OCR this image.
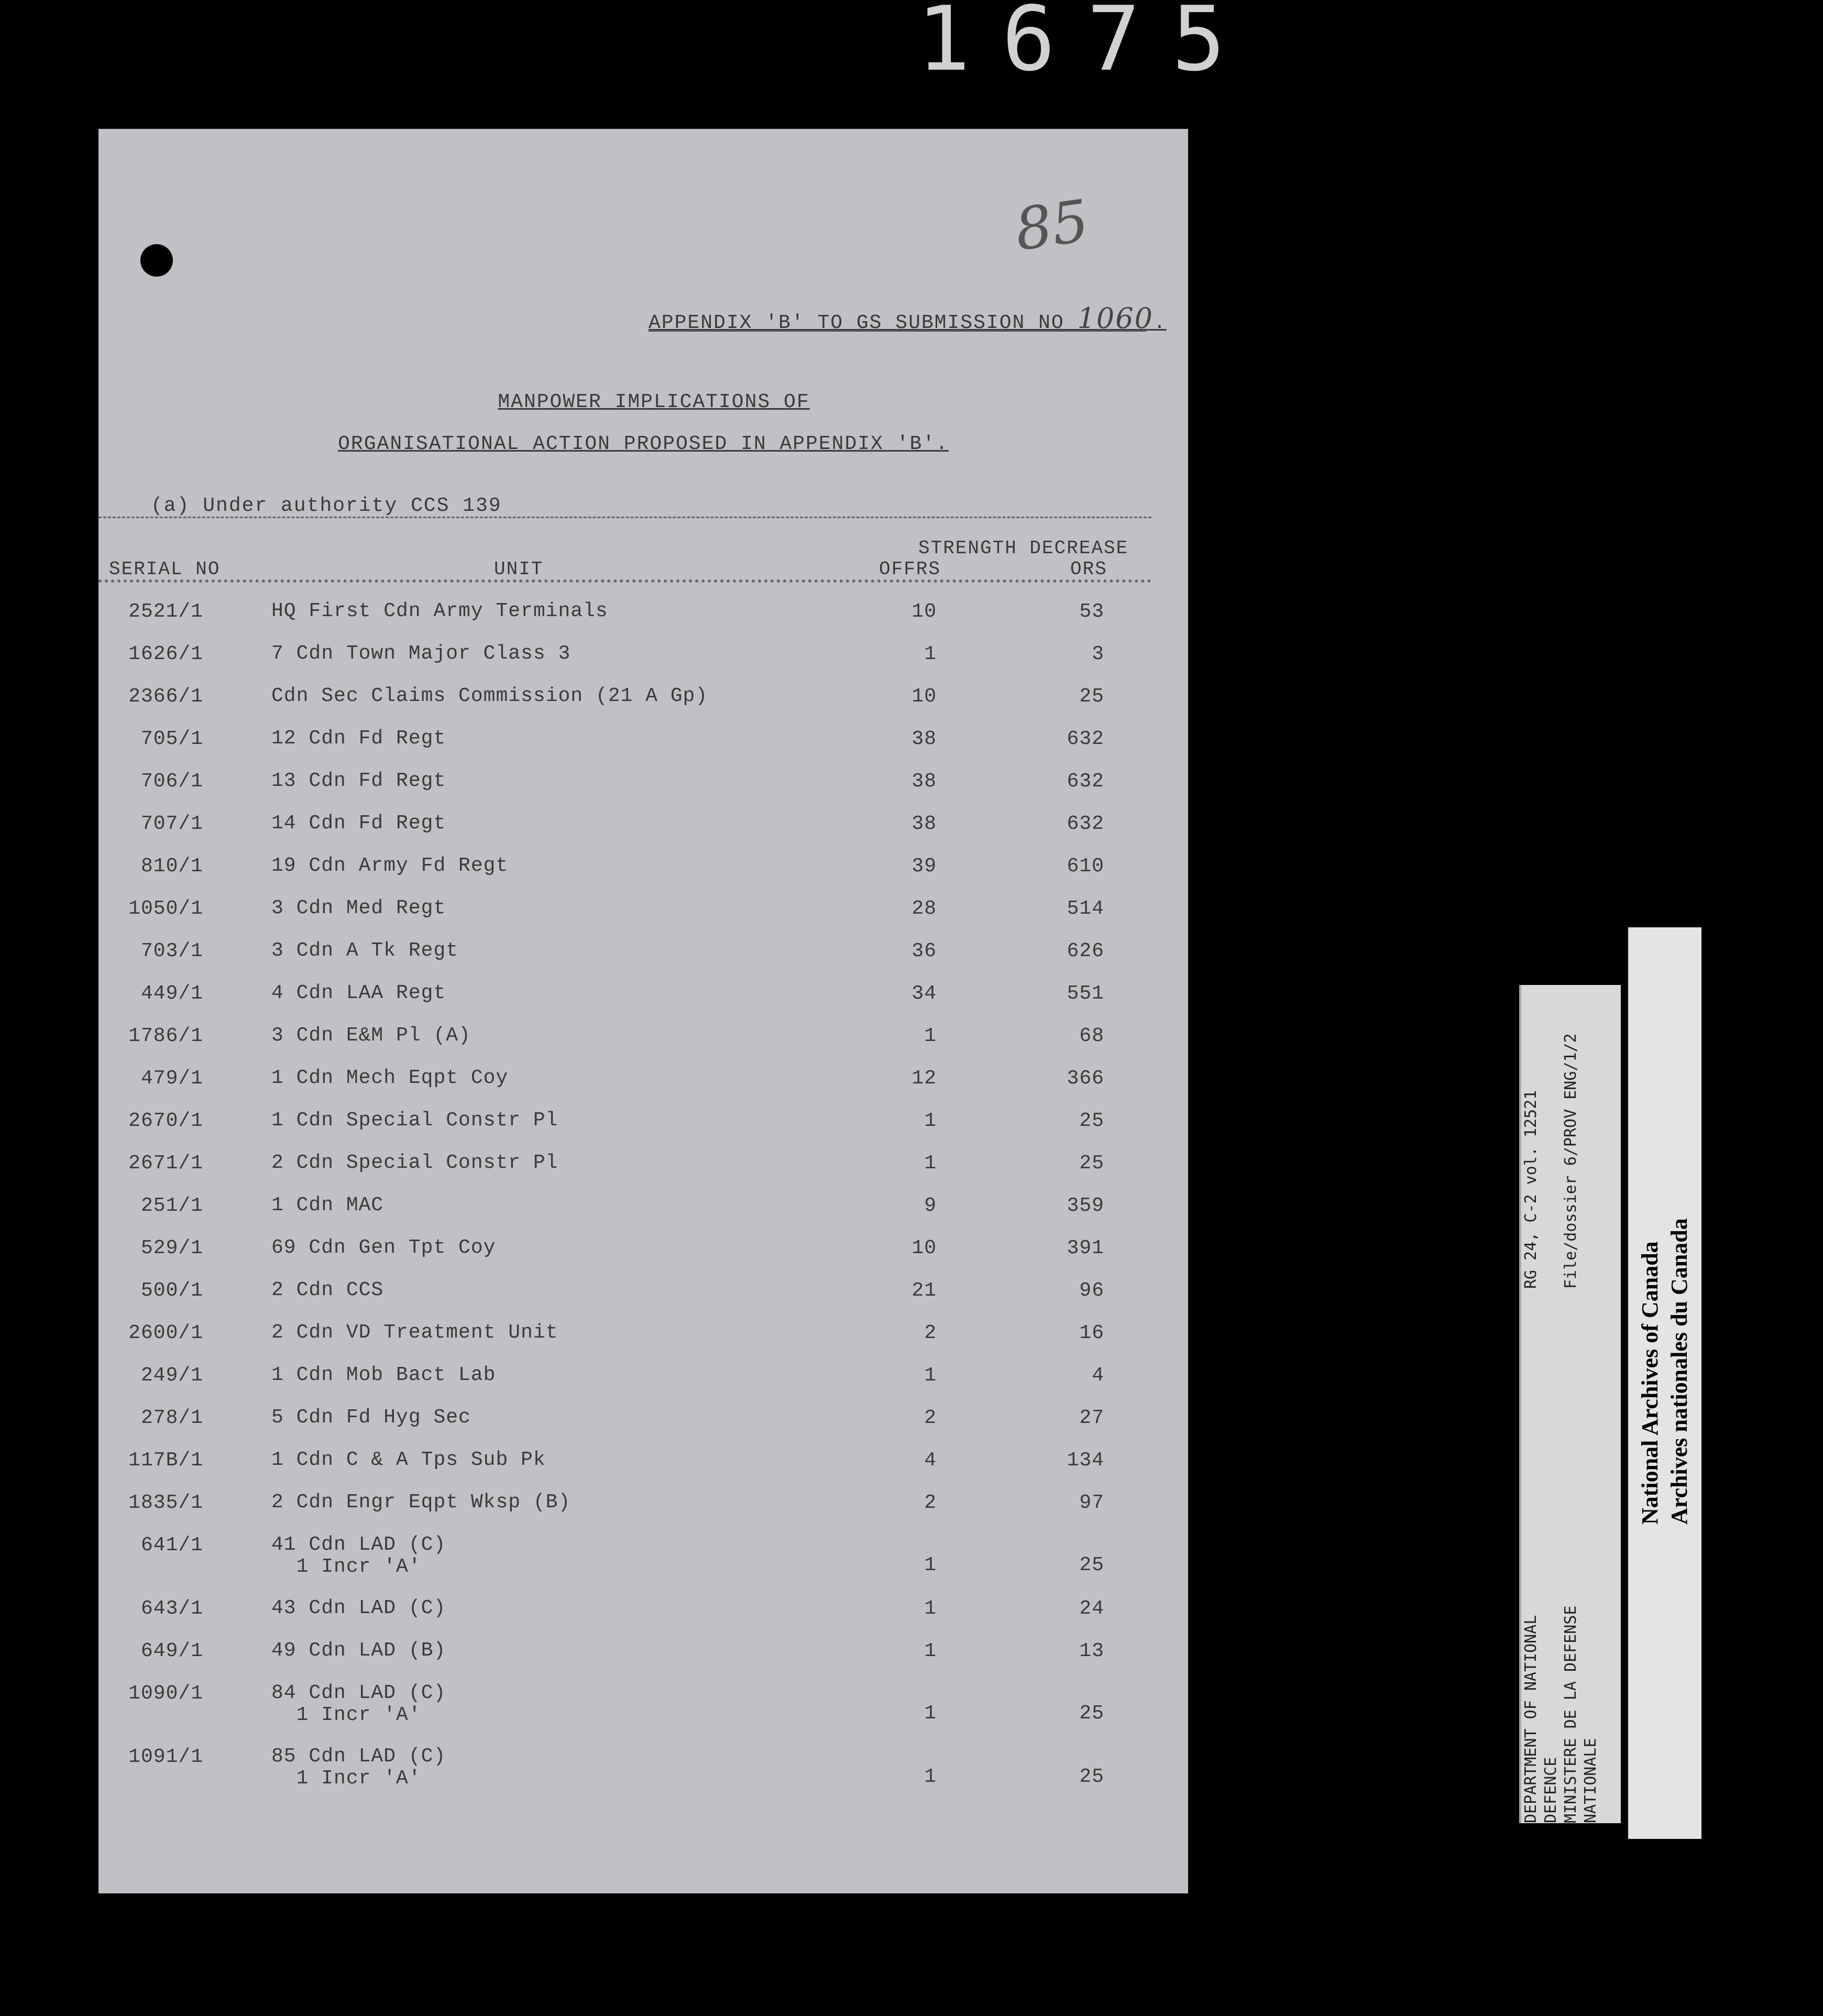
1675
85
APPENDIX 'B' TO GS SUBMISSION NO 1060.
MANPOWER IMPLICATIONS OF
ORGANISATIONAL ACTION PROPOSED IN APPENDIX 'B'.
(a) Under authority CCS 139
SERIAL NO	UNIT
STRENGTH DECREASE
OFFRS	ORS
2521/1	HQ First Cdn Army Terminals	10	53
1626/1	7 Cdn Town Major Class 3	1	3
2366/1	Cdn Sec Claims Commission (21 A Gp)	10	25
705/1	12 Cdn Fd Regt	38	632
706/1	13 Cdn Fd Regt	38	632
707/1	14 Cdn Fd Regt	38	632
810/1	19 Cdn Army Fd Regt	39	610
1050/1	3 Cdn Med Regt	28	514
703/1	3 Cdn A Tk Regt	36	626
449/1	4 Cdn LAA Regt	34	551
1786/1	3 Cdn E&M Pl (A)	1	68
479/1	1 Cdn Mech Eqpt Coy	12	366
2670/1	1 Cdn Special Constr Pl	1	25
2671/1	2 Cdn Special Constr Pl	1	25
251/1	1 Cdn MAC	9	359
529/1	69 Cdn Gen Tpt Coy	10	391
500/1	2 Cdn CCS	21	96
2600/1	2 Cdn VD Treatment Unit	2	16
249/1	1 Cdn Mob Bact Lab	1	4
278/1	5 Cdn Fd Hyg Sec	2	27
117B/1	1 Cdn C & A Tps Sub Pk	4	134
1835/1	2 Cdn Engr Eqpt Wksp (B)	2	97
641/1	41 Cdn LAD (C)
1 Incr 'A'	1	25
643/1	43 Cdn LAD (C)	1	24
649/1	49 Cdn LAD (B)	1	13
1090/1	84 Cdn LAD (C)
1 Incr 'A'	1	25
1091/1	85 Cdn LAD (C)
1 Incr 'A'	1	25	DEPARTMENT OF NATIONAL
RG 24, C-2 vol. 12521
DEFENCE MINISTERE DE LA DEFENSE
File/dossier 6/PROV ENG/1/2
NATIONALE
National Archives of Canada Archives nationales du Canada
